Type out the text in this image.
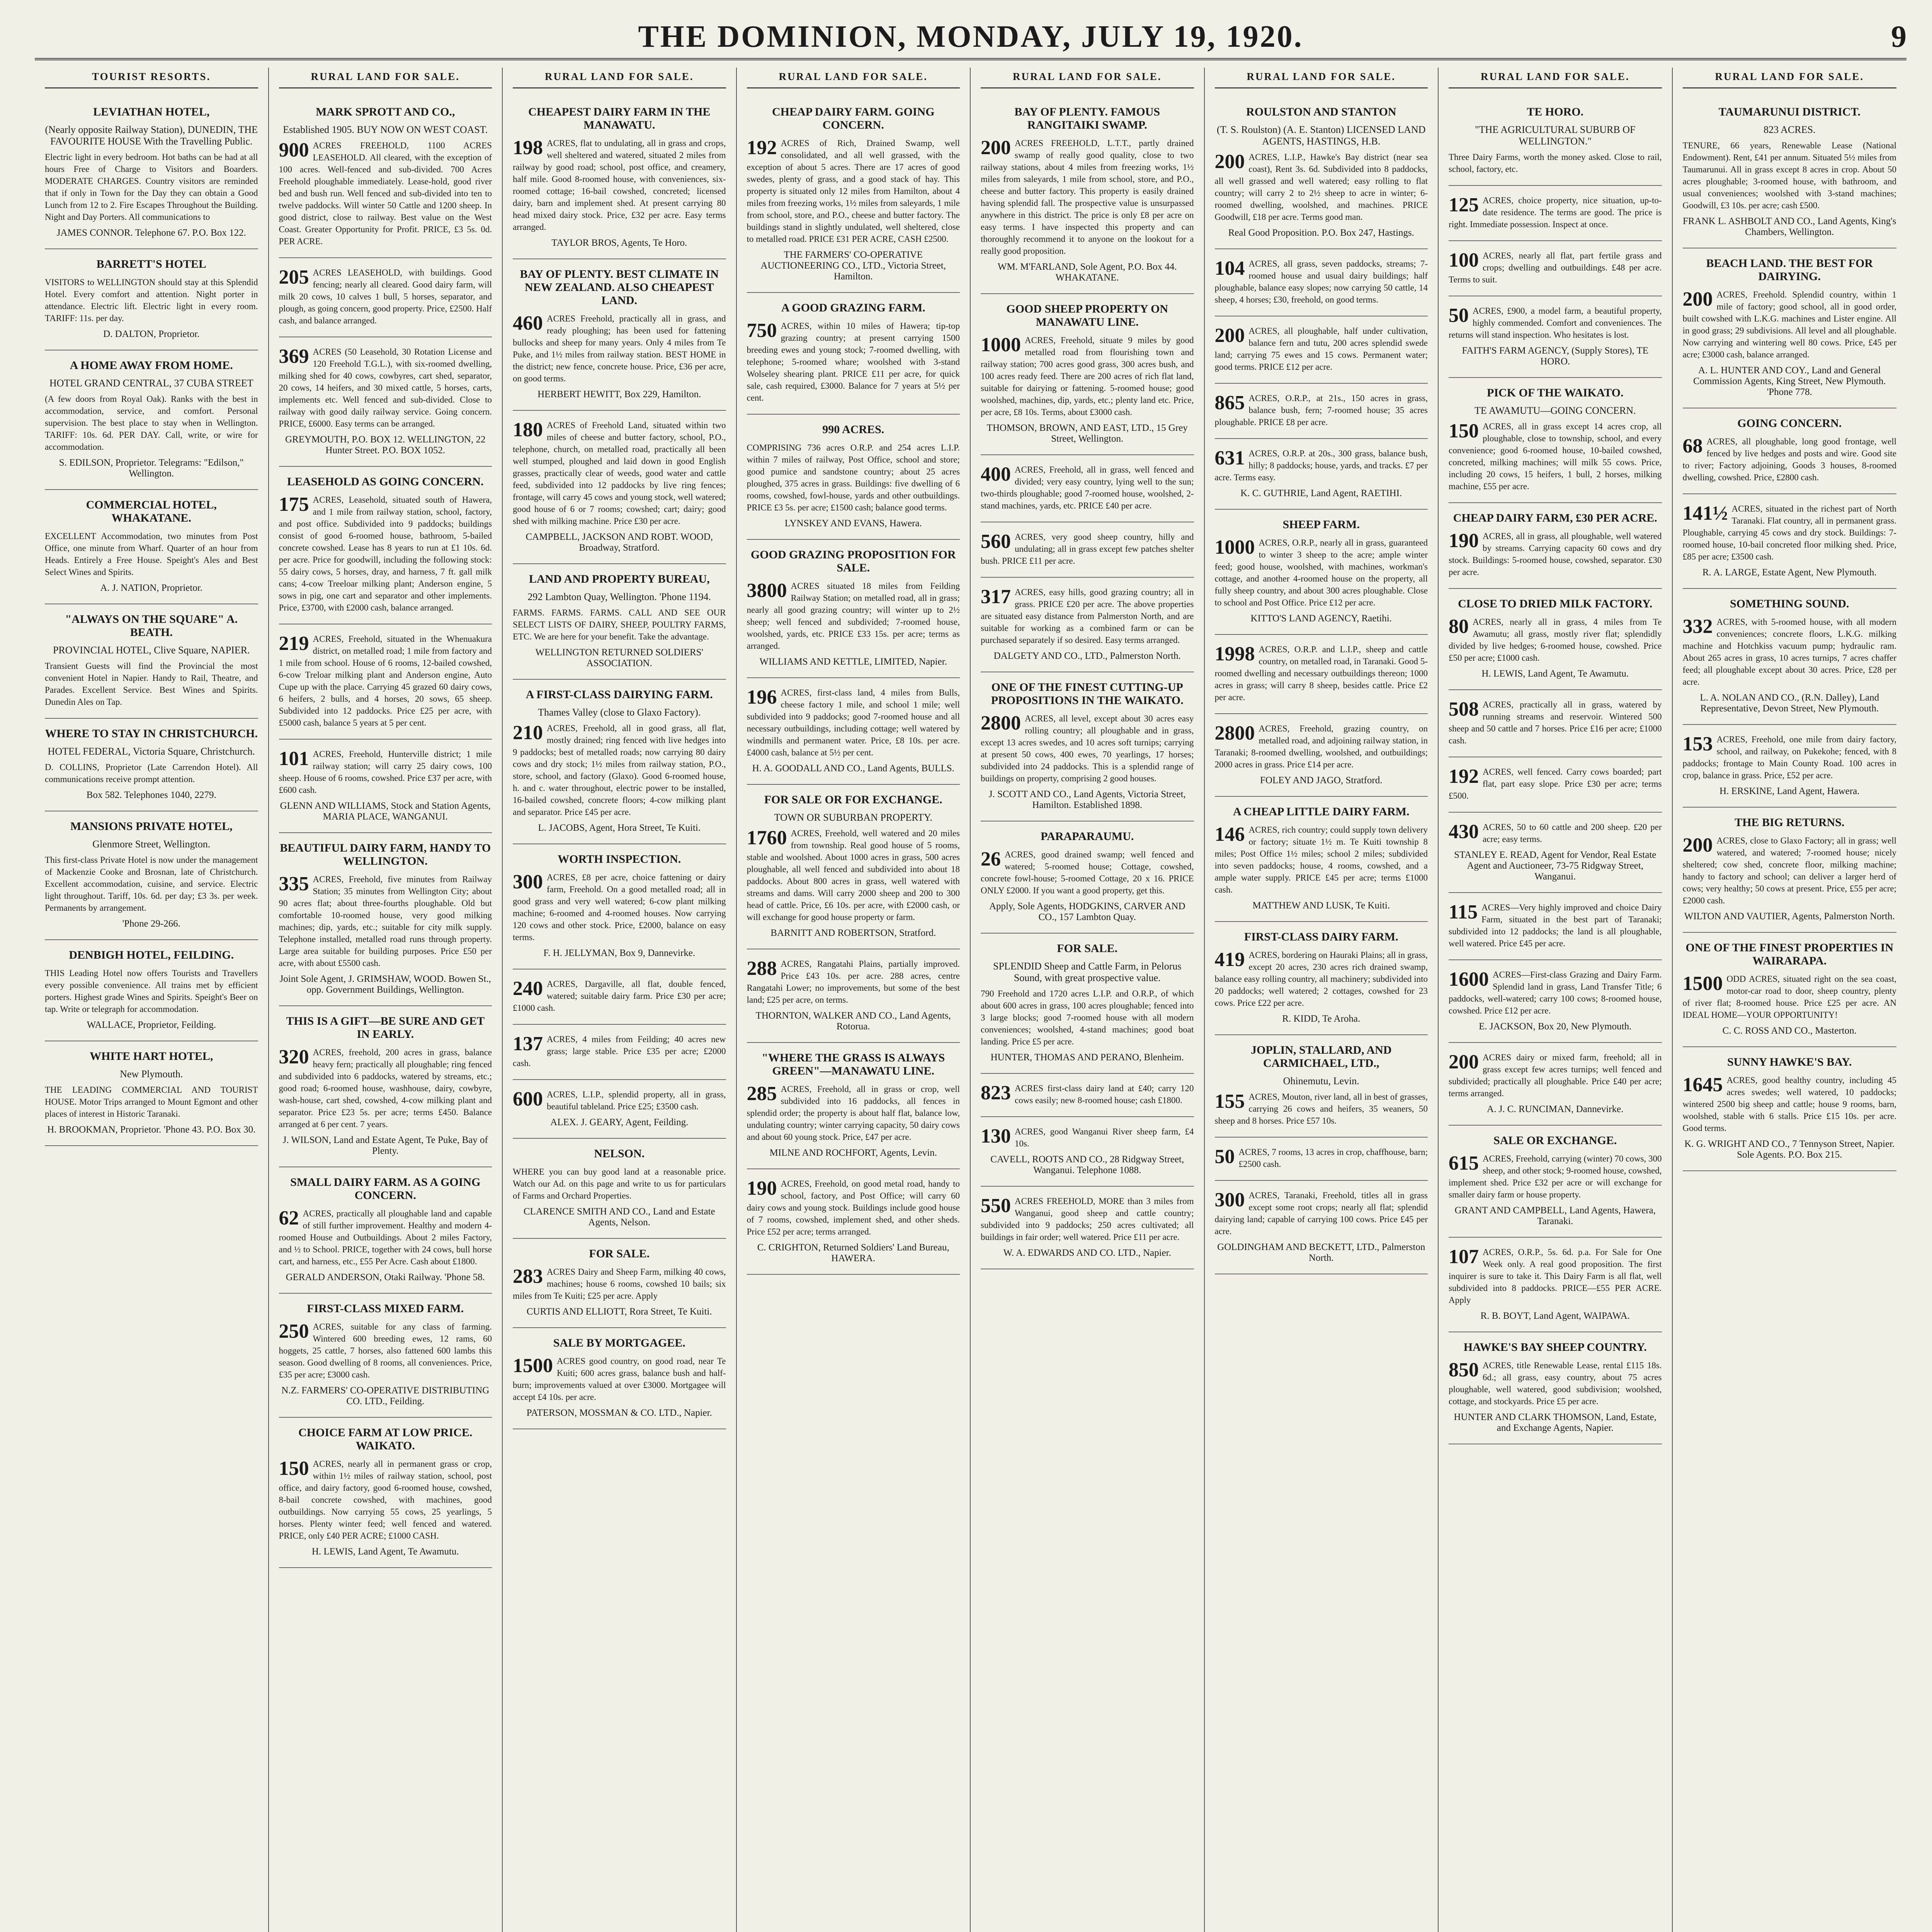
THE DOMINION, MONDAY, JULY 19, 1920.	9
TOURIST RESORTS.
LEVIATHAN HOTEL,
(Nearly opposite Railway Station), DUNEDIN, THE FAVOURITE HOUSE With the Travelling Public.
Electric light in every bedroom. Hot baths can be had at all hours Free of Charge to Visitors and Boarders. MODERATE CHARGES. Country visitors are reminded that if only in Town for the Day they can obtain a Good Lunch from 12 to 2. Fire Escapes Throughout the Building. Night and Day Porters. All communications to
JAMES CONNOR. Telephone 67. P.O. Box 122.
BARRETT'S HOTEL
VISITORS to WELLINGTON should stay at this Splendid Hotel. Every comfort and attention. Night porter in attendance. Electric lift. Electric light in every room. TARIFF: 11s. per day.
D. DALTON, Proprietor.
A HOME AWAY FROM HOME.
HOTEL GRAND CENTRAL, 37 CUBA STREET
(A few doors from Royal Oak). Ranks with the best in accommodation, service, and comfort. Personal supervision. The best place to stay when in Wellington. TARIFF: 10s. 6d. PER DAY. Call, write, or wire for accommodation.
S. EDILSON, Proprietor. Telegrams: "Edilson," Wellington.
COMMERCIAL HOTEL, WHAKATANE.
EXCELLENT Accommodation, two minutes from Post Office, one minute from Wharf. Quarter of an hour from Heads. Entirely a Free House. Speight's Ales and Best Select Wines and Spirits.
A. J. NATION, Proprietor.
"ALWAYS ON THE SQUARE" A. BEATH.
PROVINCIAL HOTEL, Clive Square, NAPIER.
Transient Guests will find the Provincial the most convenient Hotel in Napier. Handy to Rail, Theatre, and Parades. Excellent Service. Best Wines and Spirits. Dunedin Ales on Tap.
WHERE TO STAY IN CHRISTCHURCH.
HOTEL FEDERAL, Victoria Square, Christchurch.
D. COLLINS, Proprietor (Late Carrendon Hotel). All communications receive prompt attention.
Box 582. Telephones 1040, 2279.
MANSIONS PRIVATE HOTEL,
Glenmore Street, Wellington.
This first-class Private Hotel is now under the management of Mackenzie Cooke and Brosnan, late of Christchurch. Excellent accommodation, cuisine, and service. Electric light throughout. Tariff, 10s. 6d. per day; £3 3s. per week. Permanents by arrangement.
'Phone 29-266.
DENBIGH HOTEL, FEILDING.
THIS Leading Hotel now offers Tourists and Travellers every possible convenience. All trains met by efficient porters. Highest grade Wines and Spirits. Speight's Beer on tap. Write or telegraph for accommodation.
WALLACE, Proprietor, Feilding.
WHITE HART HOTEL,
New Plymouth.
THE LEADING COMMERCIAL AND TOURIST HOUSE. Motor Trips arranged to Mount Egmont and other places of interest in Historic Taranaki.
H. BROOKMAN, Proprietor. 'Phone 43. P.O. Box 30.
RURAL LAND FOR SALE.
MARK SPROTT AND CO.,
Established 1905. BUY NOW ON WEST COAST.
900 ACRES FREEHOLD, 1100 ACRES LEASEHOLD. All cleared, with the exception of 100 acres. Well-fenced and sub-divided. 700 Acres Freehold ploughable immediately. Lease-hold, good river bed and bush run. Well fenced and sub-divided into ten to twelve paddocks. Will winter 50 Cattle and 1200 sheep. In good district, close to railway. Best value on the West Coast. Greater Opportunity for Profit. PRICE, £3 5s. 0d. PER ACRE.
205 ACRES LEASEHOLD, with buildings. Good fencing; nearly all cleared. Good dairy farm, will milk 20 cows, 10 calves 1 bull, 5 horses, separator, and plough, as going concern, good property. Price, £2500. Half cash, and balance arranged.
369 ACRES (50 Leasehold, 30 Rotation License and 120 Freehold T.G.L.), with six-roomed dwelling, milking shed for 40 cows, cowbyres, cart shed, separator, 20 cows, 14 heifers, and 30 mixed cattle, 5 horses, carts, implements etc. Well fenced and sub-divided. Close to railway with good daily railway service. Going concern. PRICE, £6000. Easy terms can be arranged.
GREYMOUTH, P.O. BOX 12. WELLINGTON, 22 Hunter Street. P.O. BOX 1052.
LEASEHOLD AS GOING CONCERN.
175 ACRES, Leasehold, situated south of Hawera, and 1 mile from railway station, school, factory, and post office. Subdivided into 9 paddocks; buildings consist of good 6-roomed house, bathroom, 5-bailed concrete cowshed. Lease has 8 years to run at £1 10s. 6d. per acre. Price for goodwill, including the following stock: 55 dairy cows, 5 horses, dray, and harness, 7 ft. gall milk cans; 4-cow Treeloar milking plant; Anderson engine, 5 sows in pig, one cart and separator and other implements. Price, £3700, with £2000 cash, balance arranged.
219 ACRES, Freehold, situated in the Whenuakura district, on metalled road; 1 mile from factory and 1 mile from school. House of 6 rooms, 12-bailed cowshed, 6-cow Treloar milking plant and Anderson engine, Auto Cupe up with the place. Carrying 45 grazed 60 dairy cows, 6 heifers, 2 bulls, and 4 horses, 20 sows, 65 sheep. Subdivided into 12 paddocks. Price £25 per acre, with £5000 cash, balance 5 years at 5 per cent.
101 ACRES, Freehold, Hunterville district; 1 mile railway station; will carry 25 dairy cows, 100 sheep. House of 6 rooms, cowshed. Price £37 per acre, with £600 cash.
GLENN AND WILLIAMS, Stock and Station Agents, MARIA PLACE, WANGANUI.
BEAUTIFUL DAIRY FARM, HANDY TO WELLINGTON.
335 ACRES, Freehold, five minutes from Railway Station; 35 minutes from Wellington City; about 90 acres flat; about three-fourths ploughable. Old but comfortable 10-roomed house, very good milking machines; dip, yards, etc.; suitable for city milk supply. Telephone installed, metalled road runs through property. Large area suitable for building purposes. Price £50 per acre, with about £5500 cash.
Joint Sole Agent, J. GRIMSHAW, WOOD. Bowen St., opp. Government Buildings, Wellington.
THIS IS A GIFT—BE SURE AND GET IN EARLY.
320 ACRES, freehold, 200 acres in grass, balance heavy fern; practically all ploughable; ring fenced and subdivided into 6 paddocks, watered by streams, etc.; good road; 6-roomed house, washhouse, dairy, cowbyre, wash-house, cart shed, cowshed, 4-cow milking plant and separator. Price £23 5s. per acre; terms £450. Balance arranged at 6 per cent. 7 years.
J. WILSON, Land and Estate Agent, Te Puke, Bay of Plenty.
SMALL DAIRY FARM. AS A GOING CONCERN.
62 ACRES, practically all ploughable land and capable of still further improvement. Healthy and modern 4-roomed House and Outbuildings. About 2 miles Factory, and ½ to School. PRICE, together with 24 cows, bull horse cart, and harness, etc., £55 Per Acre. Cash about £1800.
GERALD ANDERSON, Otaki Railway. 'Phone 58.
FIRST-CLASS MIXED FARM.
250 ACRES, suitable for any class of farming. Wintered 600 breeding ewes, 12 rams, 60 hoggets, 25 cattle, 7 horses, also fattened 600 lambs this season. Good dwelling of 8 rooms, all conveniences. Price, £35 per acre; £3000 cash.
N.Z. FARMERS' CO-OPERATIVE DISTRIBUTING CO. LTD., Feilding.
CHOICE FARM AT LOW PRICE. WAIKATO.
150 ACRES, nearly all in permanent grass or crop, within 1½ miles of railway station, school, post office, and dairy factory, good 6-roomed house, cowshed, 8-bail concrete cowshed, with machines, good outbuildings. Now carrying 55 cows, 25 yearlings, 5 horses. Plenty winter feed; well fenced and watered. PRICE, only £40 PER ACRE; £1000 CASH.
H. LEWIS, Land Agent, Te Awamutu.
RURAL LAND FOR SALE.
CHEAPEST DAIRY FARM IN THE MANAWATU.
198 ACRES, flat to undulating, all in grass and crops, well sheltered and watered, situated 2 miles from railway by good road; school, post office, and creamery, half mile. Good 8-roomed house, with conveniences, six-roomed cottage; 16-bail cowshed, concreted; licensed dairy, barn and implement shed. At present carrying 80 head mixed dairy stock. Price, £32 per acre. Easy terms arranged.
TAYLOR BROS, Agents, Te Horo.
BAY OF PLENTY. BEST CLIMATE IN NEW ZEALAND. ALSO CHEAPEST LAND.
460 ACRES Freehold, practically all in grass, and ready ploughing; has been used for fattening bullocks and sheep for many years. Only 4 miles from Te Puke, and 1½ miles from railway station. BEST HOME in the district; new fence, concrete house. Price, £36 per acre, on good terms.
HERBERT HEWITT, Box 229, Hamilton.
180 ACRES of Freehold Land, situated within two miles of cheese and butter factory, school, P.O., telephone, church, on metalled road, practically all been well stumped, ploughed and laid down in good English grasses, practically clear of weeds, good water and cattle feed, subdivided into 12 paddocks by live ring fences; frontage, will carry 45 cows and young stock, well watered; good house of 6 or 7 rooms; cowshed; cart; dairy; good shed with milking machine. Price £30 per acre.
CAMPBELL, JACKSON AND ROBT. WOOD, Broadway, Stratford.
LAND AND PROPERTY BUREAU,
292 Lambton Quay, Wellington. 'Phone 1194.
FARMS. FARMS. FARMS. CALL AND SEE OUR SELECT LISTS OF DAIRY, SHEEP, POULTRY FARMS, ETC. We are here for your benefit. Take the advantage.
WELLINGTON RETURNED SOLDIERS' ASSOCIATION.
A FIRST-CLASS DAIRYING FARM.
Thames Valley (close to Glaxo Factory).
210 ACRES, Freehold, all in good grass, all flat, mostly drained; ring fenced with live hedges into 9 paddocks; best of metalled roads; now carrying 80 dairy cows and dry stock; 1½ miles from railway station, P.O., store, school, and factory (Glaxo). Good 6-roomed house, h. and c. water throughout, electric power to be installed, 16-bailed cowshed, concrete floors; 4-cow milking plant and separator. Price £45 per acre.
L. JACOBS, Agent, Hora Street, Te Kuiti.
WORTH INSPECTION.
300 ACRES, £8 per acre, choice fattening or dairy farm, Freehold. On a good metalled road; all in good grass and very well watered; 6-cow plant milking machine; 6-roomed and 4-roomed houses. Now carrying 120 cows and other stock. Price, £2000, balance on easy terms.
F. H. JELLYMAN, Box 9, Dannevirke.
240 ACRES, Dargaville, all flat, double fenced, watered; suitable dairy farm. Price £30 per acre; £1000 cash.
137 ACRES, 4 miles from Feilding; 40 acres new grass; large stable. Price £35 per acre; £2000 cash.
600 ACRES, L.I.P., splendid property, all in grass, beautiful tableland. Price £25; £3500 cash.
ALEX. J. GEARY, Agent, Feilding.
NELSON.
WHERE you can buy good land at a reasonable price. Watch our Ad. on this page and write to us for particulars of Farms and Orchard Properties.
CLARENCE SMITH AND CO., Land and Estate Agents, Nelson.
FOR SALE.
283 ACRES Dairy and Sheep Farm, milking 40 cows, machines; house 6 rooms, cowshed 10 bails; six miles from Te Kuiti; £25 per acre. Apply
CURTIS AND ELLIOTT, Rora Street, Te Kuiti.
SALE BY MORTGAGEE.
1500 ACRES good country, on good road, near Te Kuiti; 600 acres grass, balance bush and half-burn; improvements valued at over £3000. Mortgagee will accept £4 10s. per acre.
PATERSON, MOSSMAN & CO. LTD., Napier.
RURAL LAND FOR SALE.
CHEAP DAIRY FARM. GOING CONCERN.
192 ACRES of Rich, Drained Swamp, well consolidated, and all well grassed, with the exception of about 5 acres. There are 17 acres of good swedes, plenty of grass, and a good stack of hay. This property is situated only 12 miles from Hamilton, about 4 miles from freezing works, 1½ miles from saleyards, 1 mile from school, store, and P.O., cheese and butter factory. The buildings stand in slightly undulated, well sheltered, close to metalled road. PRICE £31 PER ACRE, CASH £2500.
THE FARMERS' CO-OPERATIVE AUCTIONEERING CO., LTD., Victoria Street, Hamilton.
A GOOD GRAZING FARM.
750 ACRES, within 10 miles of Hawera; tip-top grazing country; at present carrying 1500 breeding ewes and young stock; 7-roomed dwelling, with telephone; 5-roomed whare; woolshed with 3-stand Wolseley shearing plant. PRICE £11 per acre, for quick sale, cash required, £3000. Balance for 7 years at 5½ per cent.
990 ACRES.
COMPRISING 736 acres O.R.P. and 254 acres L.I.P. within 7 miles of railway, Post Office, school and store; good pumice and sandstone country; about 25 acres ploughed, 375 acres in grass. Buildings: five dwelling of 6 rooms, cowshed, fowl-house, yards and other outbuildings. PRICE £3 5s. per acre; £1500 cash; balance good terms.
LYNSKEY AND EVANS, Hawera.
GOOD GRAZING PROPOSITION FOR SALE.
3800 ACRES situated 18 miles from Feilding Railway Station; on metalled road, all in grass; nearly all good grazing country; will winter up to 2½ sheep; well fenced and subdivided; 7-roomed house, woolshed, yards, etc. PRICE £33 15s. per acre; terms as arranged.
WILLIAMS AND KETTLE, LIMITED, Napier.
196 ACRES, first-class land, 4 miles from Bulls, cheese factory 1 mile, and school 1 mile; well subdivided into 9 paddocks; good 7-roomed house and all necessary outbuildings, including cottage; well watered by windmills and permanent water. Price, £8 10s. per acre. £4000 cash, balance at 5½ per cent.
H. A. GOODALL AND CO., Land Agents, BULLS.
FOR SALE OR FOR EXCHANGE.
TOWN OR SUBURBAN PROPERTY.
1760 ACRES, Freehold, well watered and 20 miles from township. Real good house of 5 rooms, stable and woolshed. About 1000 acres in grass, 500 acres ploughable, all well fenced and subdivided into about 18 paddocks. About 800 acres in grass, well watered with streams and dams. Will carry 2000 sheep and 200 to 300 head of cattle. Price, £6 10s. per acre, with £2000 cash, or will exchange for good house property or farm.
BARNITT AND ROBERTSON, Stratford.
288 ACRES, Rangatahi Plains, partially improved. Price £43 10s. per acre. 288 acres, centre Rangatahi Lower; no improvements, but some of the best land; £25 per acre, on terms.
THORNTON, WALKER AND CO., Land Agents, Rotorua.
"WHERE THE GRASS IS ALWAYS GREEN"—MANAWATU LINE.
285 ACRES, Freehold, all in grass or crop, well subdivided into 16 paddocks, all fences in splendid order; the property is about half flat, balance low, undulating country; winter carrying capacity, 50 dairy cows and about 60 young stock. Price, £47 per acre.
MILNE AND ROCHFORT, Agents, Levin.
190 ACRES, Freehold, on good metal road, handy to school, factory, and Post Office; will carry 60 dairy cows and young stock. Buildings include good house of 7 rooms, cowshed, implement shed, and other sheds. Price £52 per acre; terms arranged.
C. CRIGHTON, Returned Soldiers' Land Bureau, HAWERA.
RURAL LAND FOR SALE.
BAY OF PLENTY. FAMOUS RANGITAIKI SWAMP.
200 ACRES FREEHOLD, L.T.T., partly drained swamp of really good quality, close to two railway stations, about 4 miles from freezing works, 1½ miles from saleyards, 1 mile from school, store, and P.O., cheese and butter factory. This property is easily drained having splendid fall. The prospective value is unsurpassed anywhere in this district. The price is only £8 per acre on easy terms. I have inspected this property and can thoroughly recommend it to anyone on the lookout for a really good proposition.
WM. M'FARLAND, Sole Agent, P.O. Box 44. WHAKATANE.
GOOD SHEEP PROPERTY ON MANAWATU LINE.
1000 ACRES, Freehold, situate 9 miles by good metalled road from flourishing town and railway station; 700 acres good grass, 300 acres bush, and 100 acres ready feed. There are 200 acres of rich flat land, suitable for dairying or fattening. 5-roomed house; good woolshed, machines, dip, yards, etc.; plenty land etc. Price, per acre, £8 10s. Terms, about £3000 cash.
THOMSON, BROWN, AND EAST, LTD., 15 Grey Street, Wellington.
400 ACRES, Freehold, all in grass, well fenced and divided; very easy country, lying well to the sun; two-thirds ploughable; good 7-roomed house, woolshed, 2-stand machines, yards, etc. PRICE £40 per acre.
560 ACRES, very good sheep country, hilly and undulating; all in grass except few patches shelter bush. PRICE £11 per acre.
317 ACRES, easy hills, good grazing country; all in grass. PRICE £20 per acre. The above properties are situated easy distance from Palmerston North, and are suitable for working as a combined farm or can be purchased separately if so desired. Easy terms arranged.
DALGETY AND CO., LTD., Palmerston North.
ONE OF THE FINEST CUTTING-UP PROPOSITIONS IN THE WAIKATO.
2800 ACRES, all level, except about 30 acres easy rolling country; all ploughable and in grass, except 13 acres swedes, and 10 acres soft turnips; carrying at present 50 cows, 400 ewes, 70 yearlings, 17 horses; subdivided into 24 paddocks. This is a splendid range of buildings on property, comprising 2 good houses.
J. SCOTT AND CO., Land Agents, Victoria Street, Hamilton. Established 1898.
PARAPARAUMU.
26 ACRES, good drained swamp; well fenced and watered; 5-roomed house; Cottage, cowshed, concrete fowl-house; 5-roomed Cottage, 20 x 16. PRICE ONLY £2000. If you want a good property, get this.
Apply, Sole Agents, HODGKINS, CARVER AND CO., 157 Lambton Quay.
FOR SALE.
SPLENDID Sheep and Cattle Farm, in Pelorus Sound, with great prospective value.
790 Freehold and 1720 acres L.I.P. and O.R.P., of which about 600 acres in grass, 100 acres ploughable; fenced into 3 large blocks; good 7-roomed house with all modern conveniences; woolshed, 4-stand machines; good boat landing. Price £5 per acre.
HUNTER, THOMAS AND PERANO, Blenheim.
823 ACRES first-class dairy land at £40; carry 120 cows easily; new 8-roomed house; cash £1800.
130 ACRES, good Wanganui River sheep farm, £4 10s.
CAVELL, ROOTS AND CO., 28 Ridgway Street, Wanganui. Telephone 1088.
550 ACRES FREEHOLD, MORE than 3 miles from Wanganui, good sheep and cattle country; subdivided into 9 paddocks; 250 acres cultivated; all buildings in fair order; well watered. Price £11 per acre.
W. A. EDWARDS AND CO. LTD., Napier.
RURAL LAND FOR SALE.
ROULSTON AND STANTON
(T. S. Roulston) (A. E. Stanton) LICENSED LAND AGENTS, HASTINGS, H.B.
200 ACRES, L.I.P., Hawke's Bay district (near sea coast), Rent 3s. 6d. Subdivided into 8 paddocks, all well grassed and well watered; easy rolling to flat country; will carry 2 to 2½ sheep to acre in winter; 6-roomed dwelling, woolshed, and machines. PRICE Goodwill, £18 per acre. Terms good man.
Real Good Proposition. P.O. Box 247, Hastings.
104 ACRES, all grass, seven paddocks, streams; 7-roomed house and usual dairy buildings; half ploughable, balance easy slopes; now carrying 50 cattle, 14 sheep, 4 horses; £30, freehold, on good terms.
200 ACRES, all ploughable, half under cultivation, balance fern and tutu, 200 acres splendid swede land; carrying 75 ewes and 15 cows. Permanent water; good terms. PRICE £12 per acre.
865 ACRES, O.R.P., at 21s., 150 acres in grass, balance bush, fern; 7-roomed house; 35 acres ploughable. PRICE £8 per acre.
631 ACRES, O.R.P. at 20s., 300 grass, balance bush, hilly; 8 paddocks; house, yards, and tracks. £7 per acre. Terms easy.
K. C. GUTHRIE, Land Agent, RAETIHI.
SHEEP FARM.
1000 ACRES, O.R.P., nearly all in grass, guaranteed to winter 3 sheep to the acre; ample winter feed; good house, woolshed, with machines, workman's cottage, and another 4-roomed house on the property, all fully sheep country, and about 300 acres ploughable. Close to school and Post Office. Price £12 per acre.
KITTO'S LAND AGENCY, Raetihi.
1998 ACRES, O.R.P. and L.I.P., sheep and cattle country, on metalled road, in Taranaki. Good 5-roomed dwelling and necessary outbuildings thereon; 1000 acres in grass; will carry 8 sheep, besides cattle. Price £2 per acre.
2800 ACRES, Freehold, grazing country, on metalled road, and adjoining railway station, in Taranaki; 8-roomed dwelling, woolshed, and outbuildings; 2000 acres in grass. Price £14 per acre.
FOLEY AND JAGO, Stratford.
A CHEAP LITTLE DAIRY FARM.
146 ACRES, rich country; could supply town delivery or factory; situate 1½ m. Te Kuiti township 8 miles; Post Office 1½ miles; school 2 miles; subdivided into seven paddocks; house, 4 rooms, cowshed, and a ample water supply. PRICE £45 per acre; terms £1000 cash.
MATTHEW AND LUSK, Te Kuiti.
FIRST-CLASS DAIRY FARM.
419 ACRES, bordering on Hauraki Plains; all in grass, except 20 acres, 230 acres rich drained swamp, balance easy rolling country, all machinery; subdivided into 20 paddocks; well watered; 2 cottages, cowshed for 23 cows. Price £22 per acre.
R. KIDD, Te Aroha.
JOPLIN, STALLARD, AND CARMICHAEL, LTD.,
Ohinemutu, Levin.
155 ACRES, Mouton, river land, all in best of grasses, carrying 26 cows and heifers, 35 weaners, 50 sheep and 8 horses. Price £57 10s.
50 ACRES, 7 rooms, 13 acres in crop, chaffhouse, barn; £2500 cash.
300 ACRES, Taranaki, Freehold, titles all in grass except some root crops; nearly all flat; splendid dairying land; capable of carrying 100 cows. Price £45 per acre.
GOLDINGHAM AND BECKETT, LTD., Palmerston North.
RURAL LAND FOR SALE.
TE HORO.
"THE AGRICULTURAL SUBURB OF WELLINGTON."
Three Dairy Farms, worth the money asked. Close to rail, school, factory, etc.
125 ACRES, choice property, nice situation, up-to-date residence. The terms are good. The price is right. Immediate possession. Inspect at once.
100 ACRES, nearly all flat, part fertile grass and crops; dwelling and outbuildings. £48 per acre. Terms to suit.
50 ACRES, £900, a model farm, a beautiful property, highly commended. Comfort and conveniences. The returns will stand inspection. Who hesitates is lost.
FAITH'S FARM AGENCY, (Supply Stores), TE HORO.
PICK OF THE WAIKATO.
TE AWAMUTU—GOING CONCERN.
150 ACRES, all in grass except 14 acres crop, all ploughable, close to township, school, and every convenience; good 6-roomed house, 10-bailed cowshed, concreted, milking machines; will milk 55 cows. Price, including 20 cows, 15 heifers, 1 bull, 2 horses, milking machine, £55 per acre.
CHEAP DAIRY FARM, £30 PER ACRE.
190 ACRES, all in grass, all ploughable, well watered by streams. Carrying capacity 60 cows and dry stock. Buildings: 5-roomed house, cowshed, separator. £30 per acre.
CLOSE TO DRIED MILK FACTORY.
80 ACRES, nearly all in grass, 4 miles from Te Awamutu; all grass, mostly river flat; splendidly divided by live hedges; 6-roomed house, cowshed. Price £50 per acre; £1000 cash.
H. LEWIS, Land Agent, Te Awamutu.
508 ACRES, practically all in grass, watered by running streams and reservoir. Wintered 500 sheep and 50 cattle and 7 horses. Price £16 per acre; £1000 cash.
192 ACRES, well fenced. Carry cows boarded; part flat, part easy slope. Price £30 per acre; terms £500.
430 ACRES, 50 to 60 cattle and 200 sheep. £20 per acre; easy terms.
STANLEY E. READ, Agent for Vendor, Real Estate Agent and Auctioneer, 73-75 Ridgway Street, Wanganui.
115 ACRES—Very highly improved and choice Dairy Farm, situated in the best part of Taranaki; subdivided into 12 paddocks; the land is all ploughable, well watered. Price £45 per acre.
1600 ACRES—First-class Grazing and Dairy Farm. Splendid land in grass, Land Transfer Title; 6 paddocks, well-watered; carry 100 cows; 8-roomed house, cowshed. Price £12 per acre.
E. JACKSON, Box 20, New Plymouth.
200 ACRES dairy or mixed farm, freehold; all in grass except few acres turnips; well fenced and subdivided; practically all ploughable. Price £40 per acre; terms arranged.
A. J. C. RUNCIMAN, Dannevirke.
SALE OR EXCHANGE.
615 ACRES, Freehold, carrying (winter) 70 cows, 300 sheep, and other stock; 9-roomed house, cowshed, implement shed. Price £32 per acre or will exchange for smaller dairy farm or house property.
GRANT AND CAMPBELL, Land Agents, Hawera, Taranaki.
107 ACRES, O.R.P., 5s. 6d. p.a. For Sale for One Week only. A real good proposition. The first inquirer is sure to take it. This Dairy Farm is all flat, well subdivided into 8 paddocks. PRICE—£55 PER ACRE. Apply
R. B. BOYT, Land Agent, WAIPAWA.
HAWKE'S BAY SHEEP COUNTRY.
850 ACRES, title Renewable Lease, rental £115 18s. 6d.; all grass, easy country, about 75 acres ploughable, well watered, good subdivision; woolshed, cottage, and stockyards. Price £5 per acre.
HUNTER AND CLARK THOMSON, Land, Estate, and Exchange Agents, Napier.
RURAL LAND FOR SALE.
TAUMARUNUI DISTRICT.
823 ACRES.
TENURE, 66 years, Renewable Lease (National Endowment). Rent, £41 per annum. Situated 5½ miles from Taumarunui. All in grass except 8 acres in crop. About 50 acres ploughable; 3-roomed house, with bathroom, and usual conveniences; woolshed with 3-stand machines; Goodwill, £3 10s. per acre; cash £500.
FRANK L. ASHBOLT AND CO., Land Agents, King's Chambers, Wellington.
BEACH LAND. THE BEST FOR DAIRYING.
200 ACRES, Freehold. Splendid country, within 1 mile of factory; good school, all in good order, built cowshed with L.K.G. machines and Lister engine. All in good grass; 29 subdivisions. All level and all ploughable. Now carrying and wintering well 80 cows. Price, £45 per acre; £3000 cash, balance arranged.
A. L. HUNTER AND COY., Land and General Commission Agents, King Street, New Plymouth. 'Phone 778.
GOING CONCERN.
68 ACRES, all ploughable, long good frontage, well fenced by live hedges and posts and wire. Good site to river; Factory adjoining, Goods 3 houses, 8-roomed dwelling, cowshed. Price, £2800 cash.
141½ ACRES, situated in the richest part of North Taranaki. Flat country, all in permanent grass. Ploughable, carrying 45 cows and dry stock. Buildings: 7-roomed house, 10-bail concreted floor milking shed. Price, £85 per acre; £3500 cash.
R. A. LARGE, Estate Agent, New Plymouth.
SOMETHING SOUND.
332 ACRES, with 5-roomed house, with all modern conveniences; concrete floors, L.K.G. milking machine and Hotchkiss vacuum pump; hydraulic ram. About 265 acres in grass, 10 acres turnips, 7 acres chaffer feed; all ploughable except about 30 acres. Price, £28 per acre.
L. A. NOLAN AND CO., (R.N. Dalley), Land Representative, Devon Street, New Plymouth.
153 ACRES, Freehold, one mile from dairy factory, school, and railway, on Pukekohe; fenced, with 8 paddocks; frontage to Main County Road. 100 acres in crop, balance in grass. Price, £52 per acre.
H. ERSKINE, Land Agent, Hawera.
THE BIG RETURNS.
200 ACRES, close to Glaxo Factory; all in grass; well watered, and watered; 7-roomed house; nicely sheltered; cow shed, concrete floor, milking machine; handy to factory and school; can deliver a larger herd of cows; very healthy; 50 cows at present. Price, £55 per acre; £2000 cash.
WILTON AND VAUTIER, Agents, Palmerston North.
ONE OF THE FINEST PROPERTIES IN WAIRARAPA.
1500 ODD ACRES, situated right on the sea coast, motor-car road to door, sheep country, plenty of river flat; 8-roomed house. Price £25 per acre. AN IDEAL HOME—YOUR OPPORTUNITY!
C. C. ROSS AND CO., Masterton.
SUNNY HAWKE'S BAY.
1645 ACRES, good healthy country, including 45 acres swedes; well watered, 10 paddocks; wintered 2500 big sheep and cattle; house 9 rooms, barn, woolshed, stable with 6 stalls. Price £15 10s. per acre. Good terms.
K. G. WRIGHT AND CO., 7 Tennyson Street, Napier. Sole Agents. P.O. Box 215.
